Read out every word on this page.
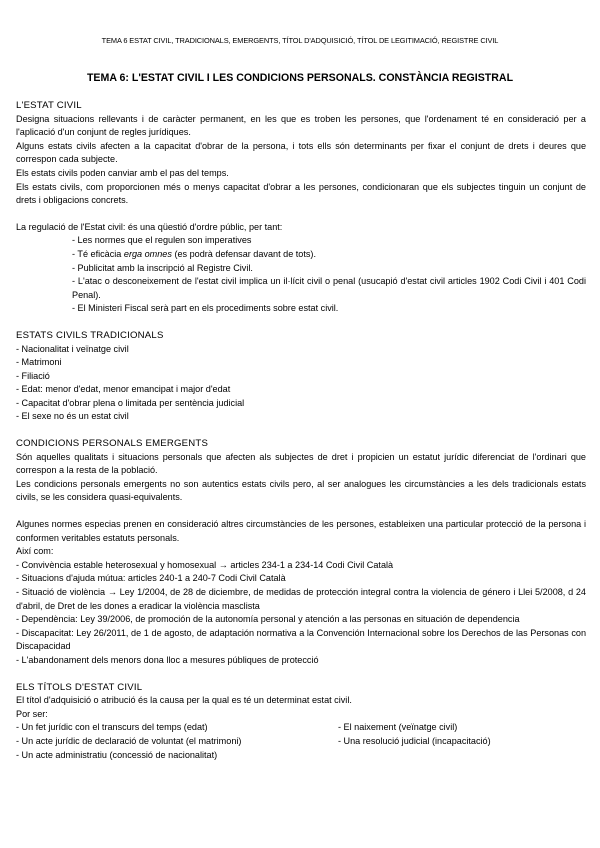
TEMA 6 ESTAT CIVIL, TRADICIONALS, EMERGENTS, TÍTOL D'ADQUISICIÓ, TÍTOL DE LEGITIMACIÓ, REGISTRE CIVIL
TEMA 6: L'ESTAT CIVIL I LES CONDICIONS PERSONALS. CONSTÀNCIA REGISTRAL

L'ESTAT CIVIL

Designa situacions rellevants i de caràcter permanent, en les que es troben les persones, que l'ordenament té en consideració per a l'aplicació d'un conjunt de regles jurídiques.

Alguns estats civils afecten a la capacitat d'obrar de la persona, i tots ells són determinants per fixar el conjunt de drets i deures que correspon cada subjecte.

Els estats civils poden canviar amb el pas del temps.

Els estats civils, com proporcionen més o menys capacitat d'obrar a les persones, condicionaran que els subjectes tinguin un conjunt de drets i obligacions concrets.

La regulació de l'Estat civil: és una qüestió d'ordre públic, per tant:

- Les normes que el regulen son imperatives

- Té eficàcia erga omnes (es podrà defensar davant de tots).

- Publicitat amb la inscripció al Registre Civil.

- L'atac o desconeixement de l'estat civil implica un il·lícit civil o penal (usucapió d'estat civil articles 1902 Codi Civil i 401 Codi Penal).

- El Ministeri Fiscal serà part en els procediments sobre estat civil.

ESTATS CIVILS TRADICIONALS

- Nacionalitat i veïnatge civil

- Matrimoni

- Filiació

- Edat: menor d'edat, menor emancipat i major d'edat

- Capacitat d'obrar plena o limitada per sentència judicial

- El sexe no és un estat civil

CONDICIONS PERSONALS EMERGENTS

Són aquelles qualitats i situacions personals que afecten als subjectes de dret i propicien un estatut jurídic diferenciat de l'ordinari que correspon a la resta de la població.

Les condicions personals emergents no son autentics estats civils pero, al ser analogues les circumstàncies a les dels tradicionals estats civils, se les considera quasi-equivalents.

Algunes normes especias prenen en consideració altres circumstàncies de les persones, estableixen una particular protecció de la persona i conformen veritables estatuts personals.

Així com:

- Convivència estable heterosexual y homosexual → articles 234-1 a 234-14 Codi Civil Català

- Situacions d'ajuda mútua: articles 240-1 a 240-7 Codi Civil Català

- Situació de violència → Ley 1/2004, de 28 de diciembre, de medidas de protección integral contra la violencia de género i Llei 5/2008, d 24 d'abril, de Dret de les dones a eradicar la violència masclista

- Dependència: Ley 39/2006, de promoción de la autonomía personal y atención a las personas en situación de dependencia

- Discapacitat: Ley 26/2011, de 1 de agosto, de adaptación normativa a la Convención Internacional sobre los Derechos de las Personas con Discapacidad

- L'abandonament dels menors dona lloc a mesures públiques de protecció

ELS TÍTOLS D'ESTAT CIVIL

El títol d'adquisició o atribució és la causa per la qual es té un determinat estat civil.

Por ser:

- Un fet jurídic con el transcurs del temps (edat)	- El naixement (veïnatge civil)
- Un acte jurídic de declaració de voluntat (el matrimoni)	- Una resolució judicial (incapacitació)

- Un acte administratiu (concessió de nacionalitat)
